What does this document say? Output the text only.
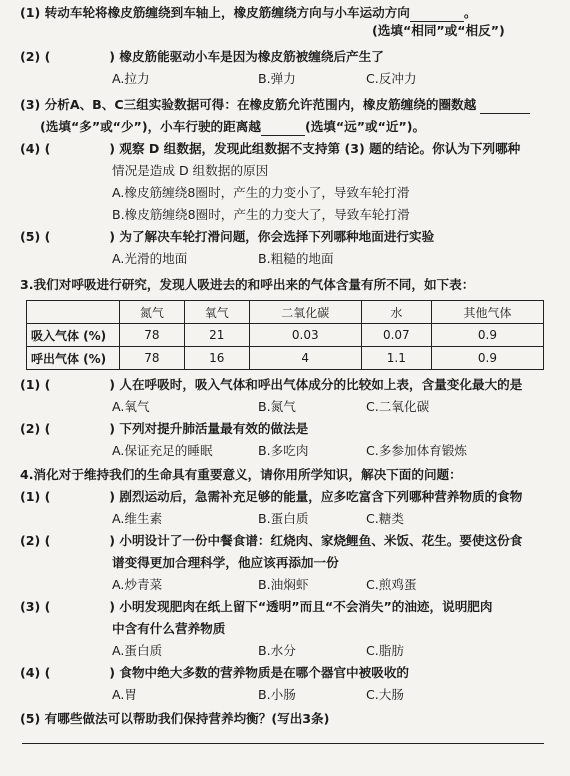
(1) 转动车轮将橡皮筋缠绕到车轴上，橡皮筋缠绕方向与小车运动方向	。
(选填“相同”或“相反”)
(2) (	) 橡皮筋能驱动小车是因为橡皮筋被缠绕后产生了
A.拉力	B.弹力	C.反冲力
(3) 分析A、B、C三组实验数据可得：在橡皮筋允许范围内，橡皮筋缠绕的圈数越
(选填“多”或“少”)，小车行驶的距离越	(选填“远”或“近”)。
(4) (	) 观察 D 组数据，发现此组数据不支持第 (3) 题的结论。你认为下列哪种
情况是造成 D 组数据的原因
A.橡皮筋缠绕8圈时，产生的力变小了，导致车轮打滑
B.橡皮筋缠绕8圈时，产生的力变大了，导致车轮打滑
(5) (	) 为了解决车轮打滑问题，你会选择下列哪种地面进行实验
A.光滑的地面	B.粗糙的地面
3.我们对呼吸进行研究，发现人吸进去的和呼出来的气体含量有所不同，如下表：
	氮气	氧气	二氧化碳	水	其他气体
吸入气体 (%)	78	21	0.03	0.07	0.9
呼出气体 (%)	78	16	4	1.1	0.9
(1) (	) 人在呼吸时，吸入气体和呼出气体成分的比较如上表，含量变化最大的是
A.氧气	B.氮气	C.二氧化碳
(2) (	) 下列对提升肺活量最有效的做法是
A.保证充足的睡眠	B.多吃肉	C.多参加体育锻炼
4.消化对于维持我们的生命具有重要意义，请你用所学知识，解决下面的问题：
(1) (	) 剧烈运动后，急需补充足够的能量，应多吃富含下列哪种营养物质的食物
A.维生素	B.蛋白质	C.糖类
(2) (	) 小明设计了一份中餐食谱：红烧肉、家烧鲤鱼、米饭、花生。要使这份食
谱变得更加合理科学，他应该再添加一份
A.炒青菜	B.油焖虾	C.煎鸡蛋
(3) (	) 小明发现肥肉在纸上留下“透明”而且“不会消失”的油迹，说明肥肉
中含有什么营养物质
A.蛋白质	B.水分	C.脂肪
(4) (	) 食物中绝大多数的营养物质是在哪个器官中被吸收的
A.胃	B.小肠	C.大肠
(5) 有哪些做法可以帮助我们保持营养均衡？(写出3条)
